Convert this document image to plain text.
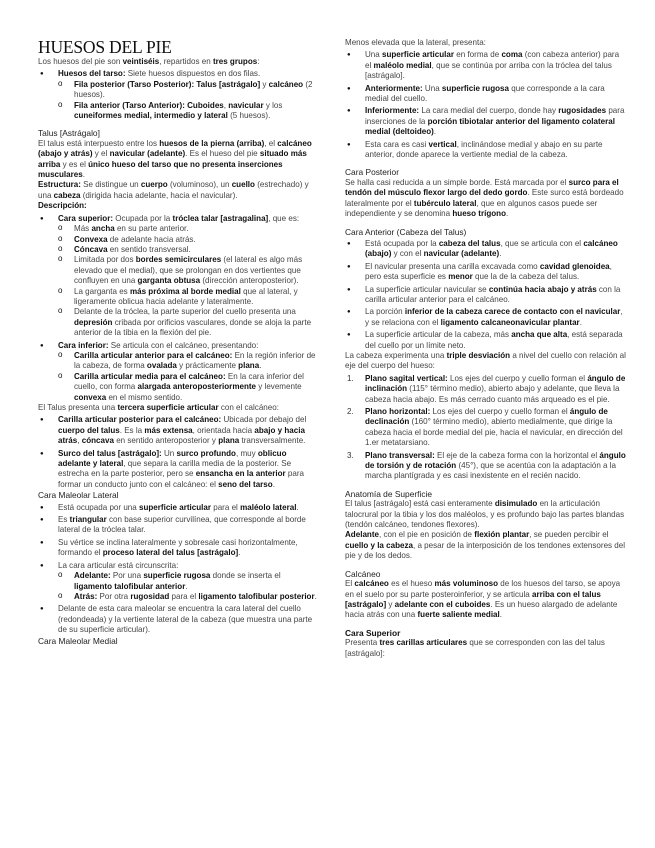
HUESOS DEL PIE

Los huesos del pie son veintiséis, repartidos en tres grupos:

● Huesos del tarso: Siete huesos dispuestos en dos filas.
o Fila posterior (Tarso Posterior): Talus [astrágalo] y calcáneo (2 huesos).
o Fila anterior (Tarso Anterior): Cuboides, navicular y los cuneiformes medial, intermedio y lateral (5 huesos).
Talus [Astrágalo]

El talus está interpuesto entre los huesos de la pierna (arriba), el calcáneo (abajo y atrás) y el navicular (adelante). Es el hueso del pie situado más arriba y es el único hueso del tarso que no presenta inserciones musculares.

Estructura: Se distingue un cuerpo (voluminoso), un cuello (estrechado) y una cabeza (dirigida hacia adelante, hacia el navicular).

Descripción:

● Cara superior: Ocupada por la tróclea talar [astragalina], que es:
o Más ancha en su parte anterior.
o Convexa de adelante hacia atrás.
o Cóncava en sentido transversal.
o Limitada por dos bordes semicirculares (el lateral es algo más elevado que el medial), que se prolongan en dos vertientes que confluyen en una garganta obtusa (dirección anteroposterior).
o La garganta es más próxima al borde medial que al lateral, y ligeramente oblicua hacia adelante y lateralmente.
o Delante de la tróclea, la parte superior del cuello presenta una depresión cribada por orificios vasculares, donde se aloja la parte anterior de la tibia en la flexión del pie.
● Cara inferior: Se articula con el calcáneo, presentando:
o Carilla articular anterior para el calcáneo: En la región inferior de la cabeza, de forma ovalada y prácticamente plana.
o Carilla articular media para el calcáneo: En la cara inferior del cuello, con forma alargada anteroposteriormente y levemente convexa en el mismo sentido.

El Talus presenta una tercera superficie articular con el calcáneo:

● Carilla articular posterior para el calcáneo: Ubicada por debajo del cuerpo del talus. Es la más extensa, orientada hacia abajo y hacia atrás, cóncava en sentido anteroposterior y plana transversalmente.
● Surco del talus [astrágalo]: Un surco profundo, muy oblicuo adelante y lateral, que separa la carilla media de la posterior. Se estrecha en la parte posterior, pero se ensancha en la anterior para formar un conducto junto con el calcáneo: el seno del tarso.
Cara Maleolar Lateral
● Está ocupada por una superficie articular para el maléolo lateral.
● Es triangular con base superior curvilínea, que corresponde al borde lateral de la tróclea talar.
● Su vértice se inclina lateralmente y sobresale casi horizontalmente, formando el proceso lateral del talus [astrágalo].
● La cara articular está circunscrita:
o Adelante: Por una superficie rugosa donde se inserta el ligamento talofibular anterior.
o Atrás: Por otra rugosidad para el ligamento talofibular posterior.
● Delante de esta cara maleolar se encuentra la cara lateral del cuello (redondeada) y la vertiente lateral de la cabeza (que muestra una parte de su superficie articular).
Cara Maleolar Medial

Menos elevada que la lateral, presenta:

● Una superficie articular en forma de coma (con cabeza anterior) para el maléolo medial, que se continúa por arriba con la tróclea del talus [astrágalo].
● Anteriormente: Una superficie rugosa que corresponde a la cara medial del cuello.
● Inferiormente: La cara medial del cuerpo, donde hay rugosidades para inserciones de la porción tibiotalar anterior del ligamento colateral medial (deltoideo).
● Esta cara es casi vertical, inclinándose medial y abajo en su parte anterior, donde aparece la vertiente medial de la cabeza.
Cara Posterior

Se halla casi reducida a un simple borde. Está marcada por el surco para el tendón del músculo flexor largo del dedo gordo. Este surco está bordeado lateralmente por el tubérculo lateral, que en algunos casos puede ser independiente y se denomina hueso trígono.

Cara Anterior (Cabeza del Talus)
● Está ocupada por la cabeza del talus, que se articula con el calcáneo (abajo) y con el navicular (adelante).
● El navicular presenta una carilla excavada como cavidad glenoidea, pero esta superficie es menor que la de la cabeza del talus.
● La superficie articular navicular se continúa hacia abajo y atrás con la carilla articular anterior para el calcáneo.
● La porción inferior de la cabeza carece de contacto con el navicular, y se relaciona con el ligamento calcaneonavicular plantar.
● La superficie articular de la cabeza, más ancha que alta, está separada del cuello por un límite neto.

La cabeza experimenta una triple desviación a nivel del cuello con relación al eje del cuerpo del hueso:

1. Plano sagital vertical: Los ejes del cuerpo y cuello forman el ángulo de inclinación (115° término medio), abierto abajo y adelante, que lleva la cabeza hacia abajo. Es más cerrado cuanto más arqueado es el pie.
2. Plano horizontal: Los ejes del cuerpo y cuello forman el ángulo de declinación (160° término medio), abierto medialmente, que dirige la cabeza hacia el borde medial del pie, hacia el navicular, en dirección del 1.er metatarsiano.
3. Plano transversal: El eje de la cabeza forma con la horizontal el ángulo de torsión y de rotación (45°), que se acentúa con la adaptación a la marcha plantígrada y es casi inexistente en el recién nacido.
Anatomía de Superficie

El talus [astrágalo] está casi enteramente disimulado en la articulación talocrural por la tibia y los dos maléolos, y es profundo bajo las partes blandas (tendón calcáneo, tendones flexores).

Adelante, con el pie en posición de flexión plantar, se pueden percibir el cuello y la cabeza, a pesar de la interposición de los tendones extensores del pie y de los dedos.

Calcáneo

El calcáneo es el hueso más voluminoso de los huesos del tarso, se apoya en el suelo por su parte posteroinferior, y se articula arriba con el talus [astrágalo] y adelante con el cuboides. Es un hueso alargado de adelante hacia atrás con una fuerte saliente medial.

Cara Superior

Presenta tres carillas articulares que se corresponden con las del talus [astrágalo]:
